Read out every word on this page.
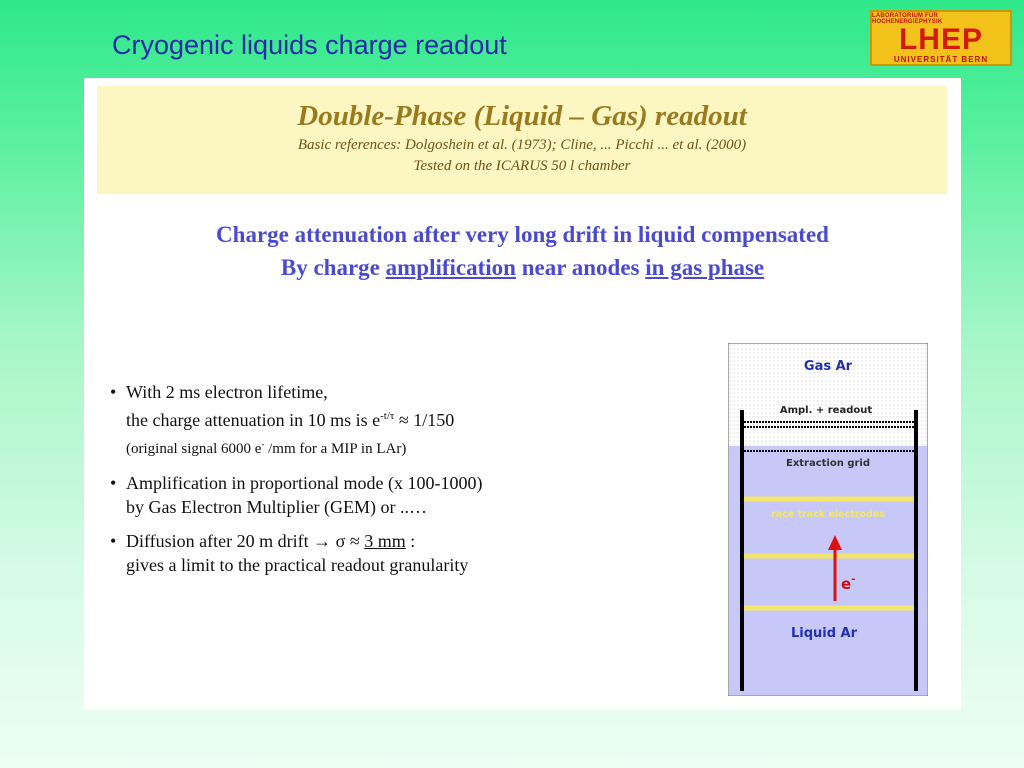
Cryogenic liquids charge readout
LABORATORIUM FÜR HOCHENERGIEPHYSIK
LHEP
UNIVERSITÄT BERN
Double-Phase (Liquid – Gas) readout
Basic references: Dolgoshein et al. (1973); Cline, ... Picchi ... et al. (2000)
Tested on the ICARUS 50 l chamber
Charge attenuation after very long drift in liquid compensated
By charge amplification near anodes in gas phase
• With 2 ms electron lifetime,
the charge attenuation in 10 ms is $e^{-t/\tau} \approx 1/150$
(original signal 6000 e- /mm for a MIP in LAr)
• Amplification in proportional mode (x 100-1000)
by Gas Electron Multiplier (GEM) or ..…
• Diffusion after 20 m drift → σ ≈ 3 mm :
gives a limit to the practical readout granularity
Gas Ar
Ampl. + readout
Extraction grid
race track electrodes
e-
Liquid Ar
